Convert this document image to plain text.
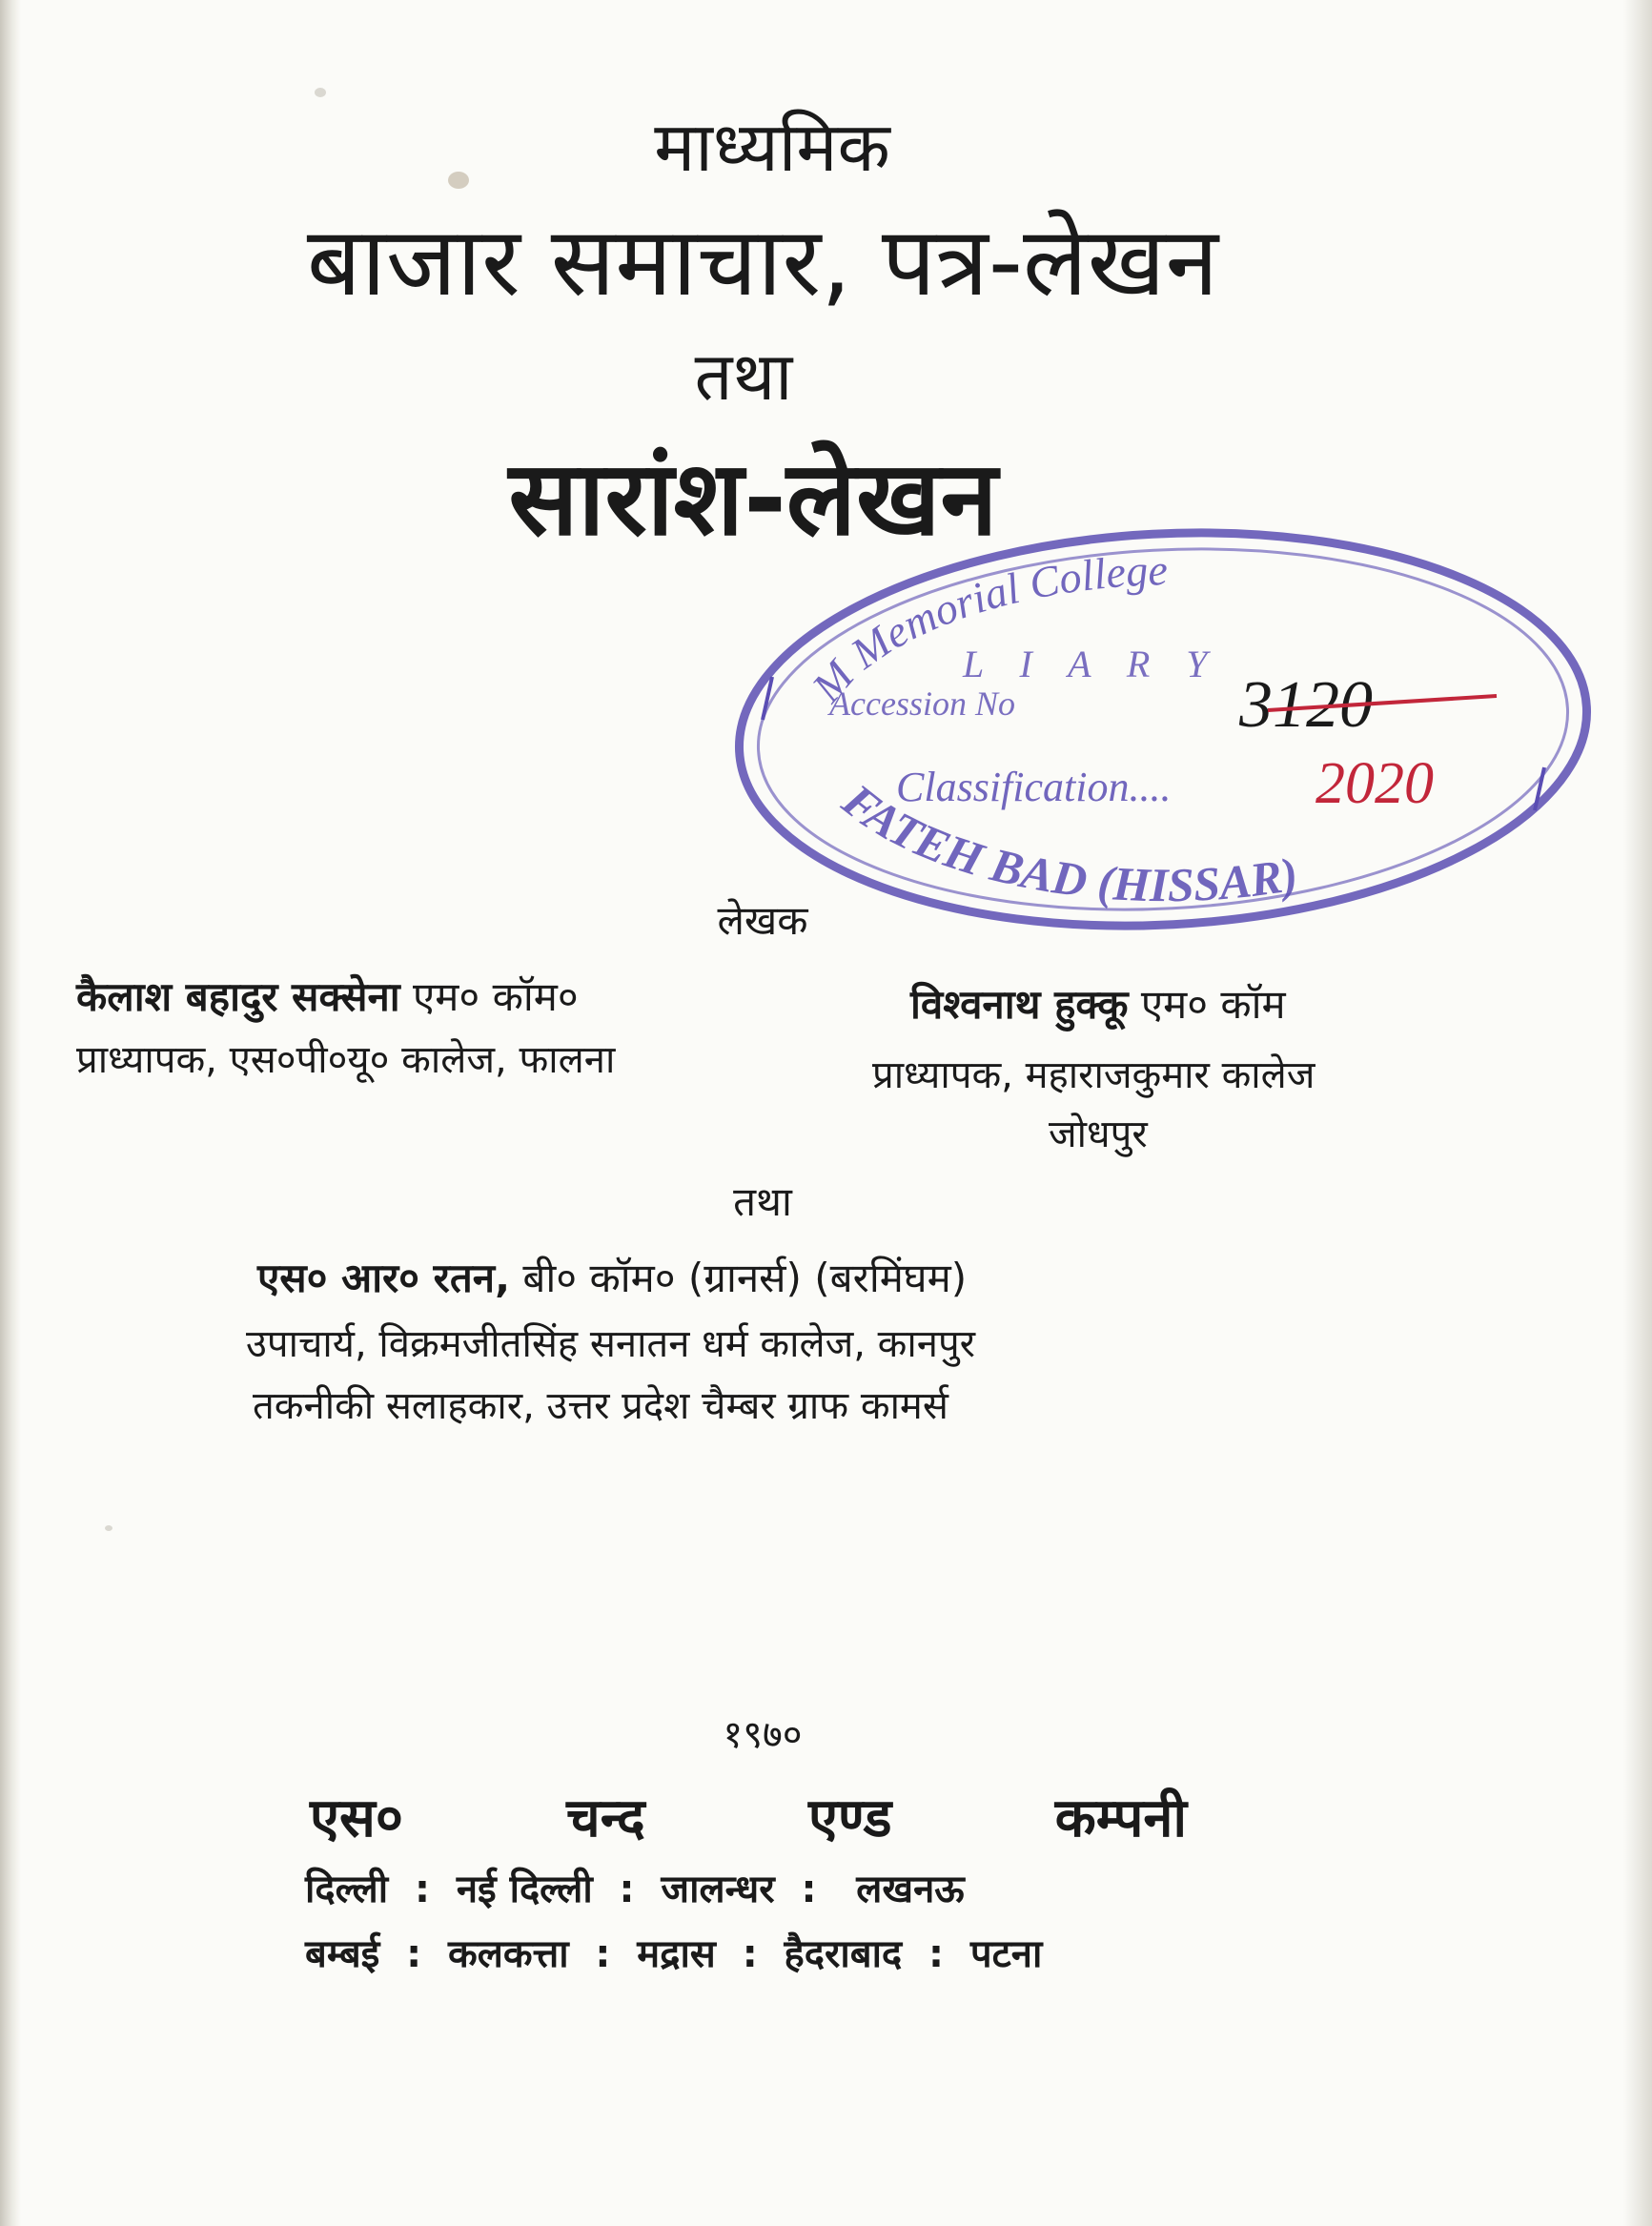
माध्यमिक

बाजार समाचार, पत्र-लेखन

तथा

सारांश-लेखन

M Memorial College
L I A R Y
Accession No	3120
Classification.... 2020
FATEH BAD (HISSAR)

लेखक

कैलाश बहादुर सक्सेना एम० कॉम०

प्राध्यापक, एस०पी०यू० कालेज, फालना

विश्वनाथ हुक्कू एम० कॉम

प्राध्यापक, महाराजकुमार कालेज

जोधपुर

तथा

एस० आर० रतन, बी० कॉम० (ग्रानर्स) (बरमिंघम)

उपाचार्य, विक्रमजीतसिंह सनातन धर्म कालेज, कानपुर

तकनीकी सलाहकार, उत्तर प्रदेश चैम्बर ग्राफ कामर्स

१९७०

एस०	चन्द	एण्ड	कम्पनी

दिल्ली  :  नई दिल्ली  :  जालन्धर  :   लखनऊ

बम्बई  :  कलकत्ता  :  मद्रास  :  हैदराबाद  :  पटना
